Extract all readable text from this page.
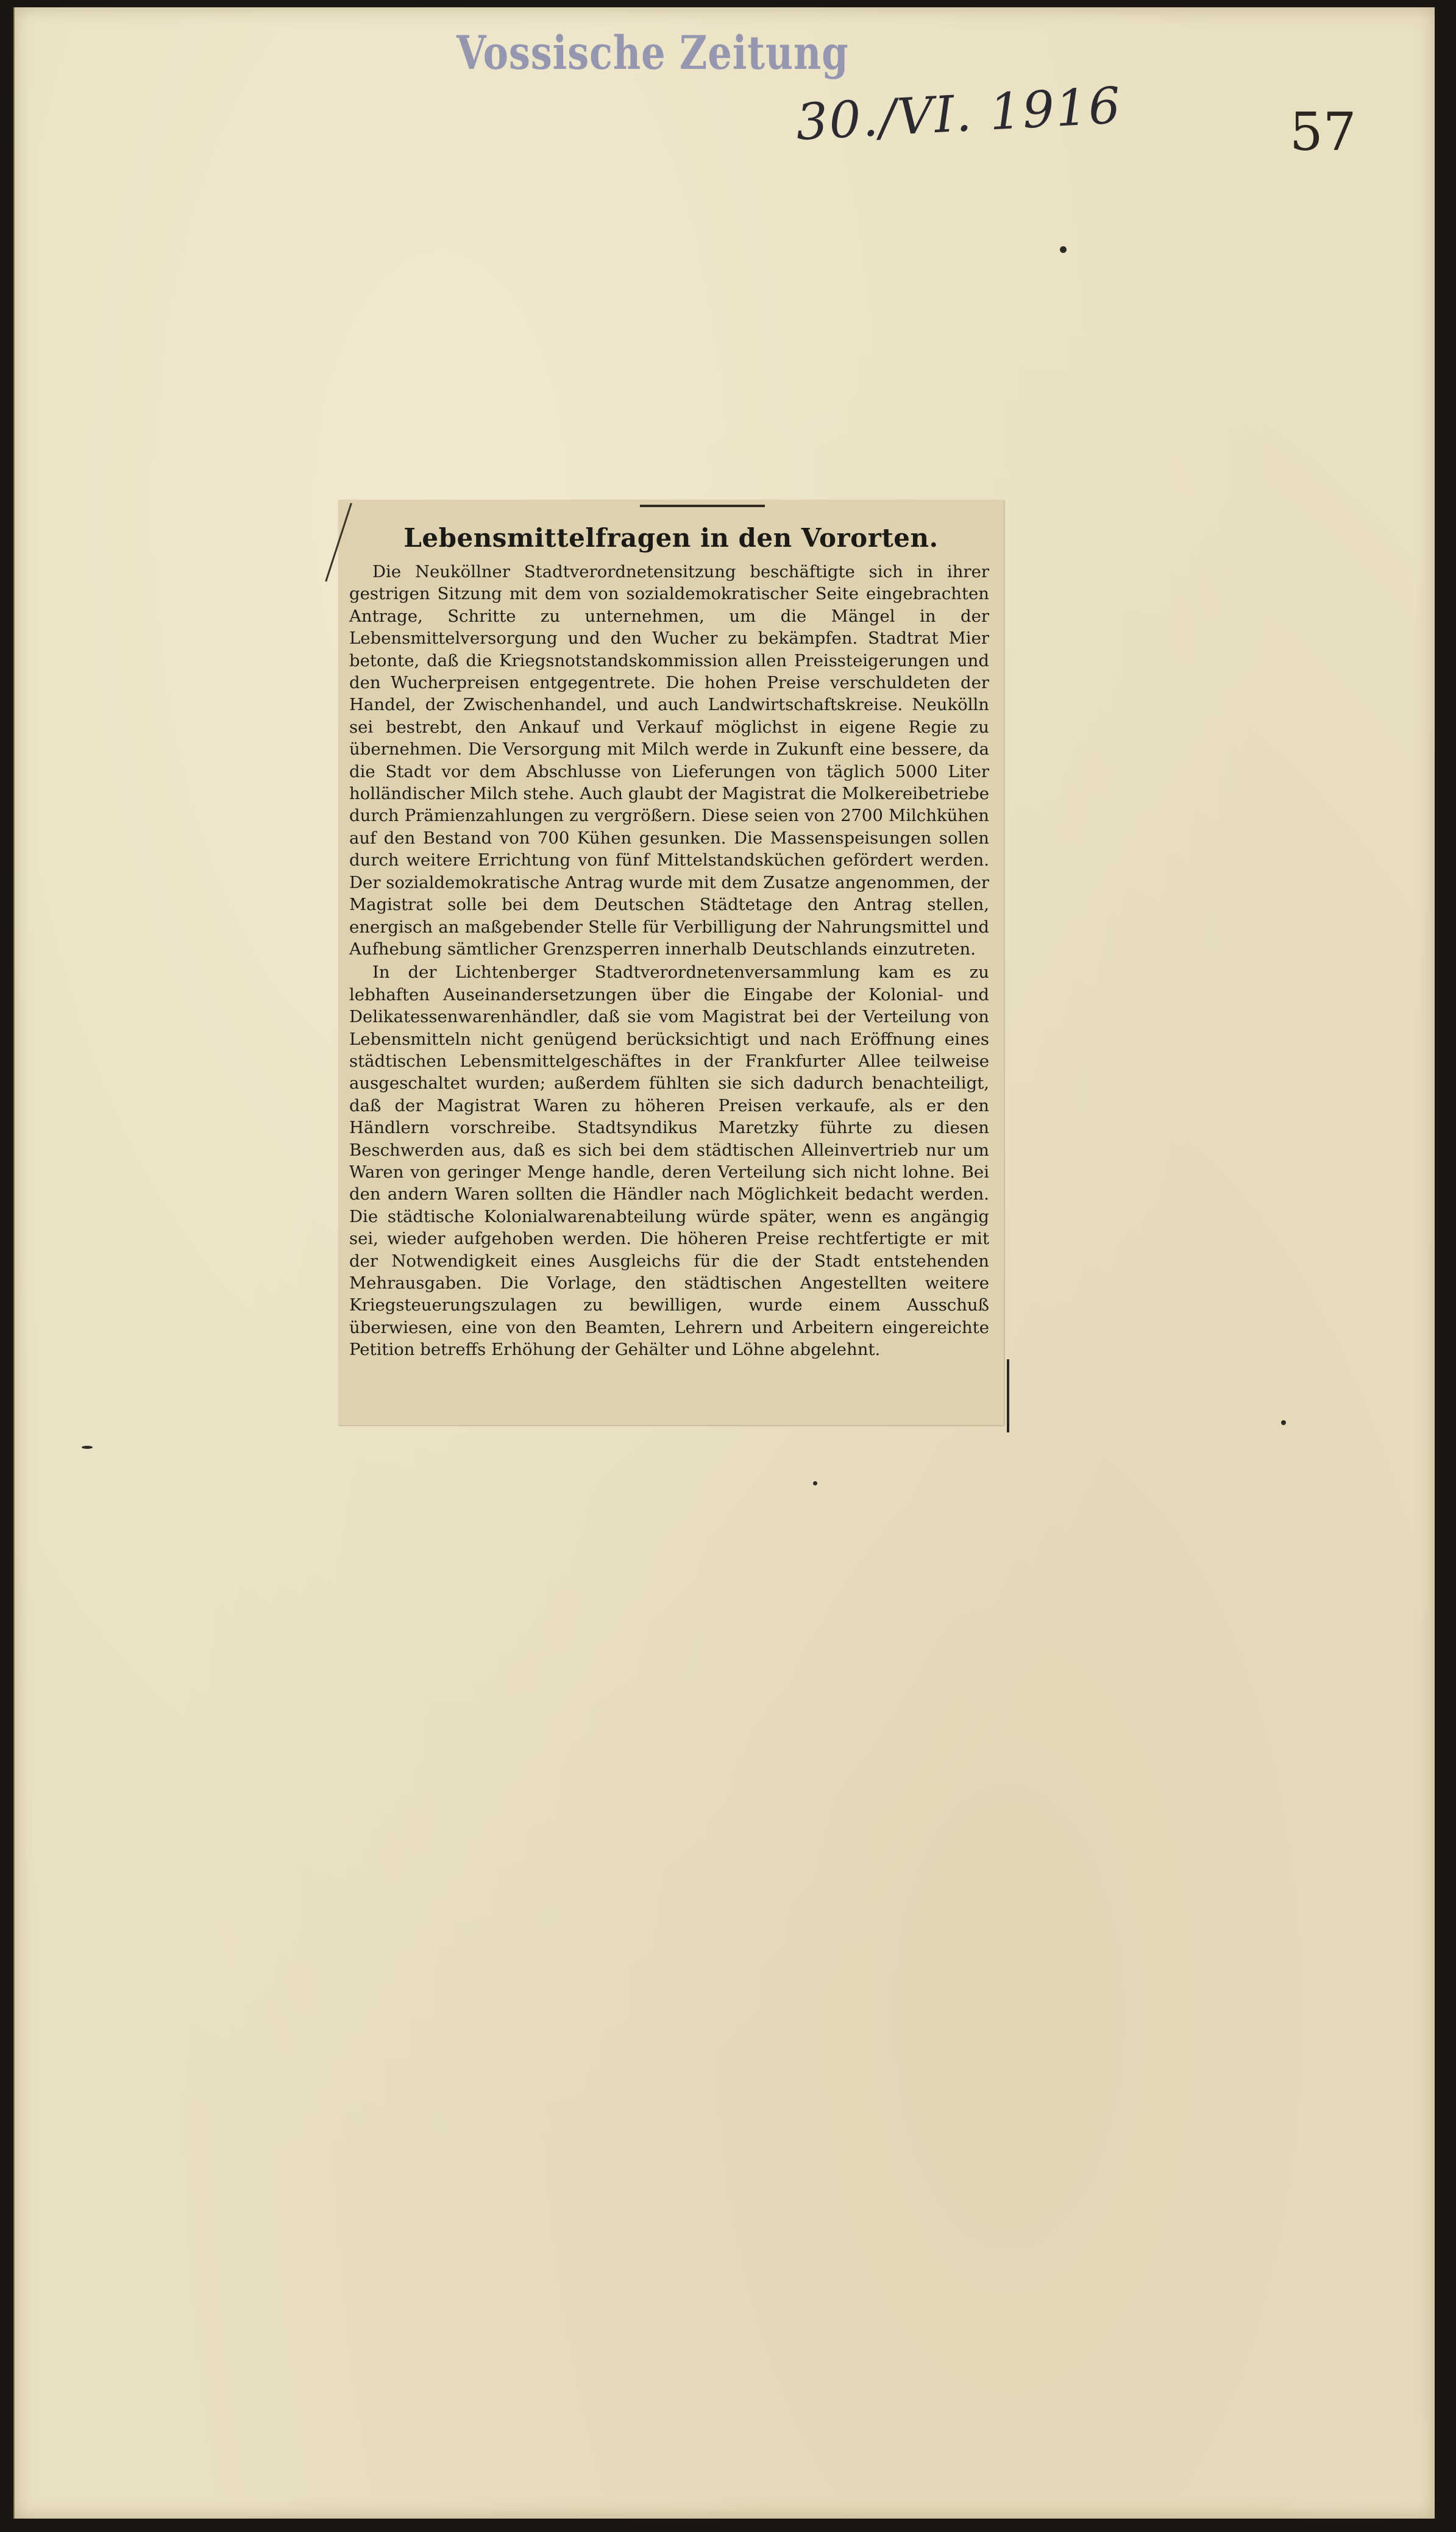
Vossische Zeitung
30./VI. 1916	57
Lebensmittelfragen in den Vororten.

Die Neuköllner Stadtverordnetensitzung beschäftigte sich in ihrer gestrigen Sitzung mit dem von sozialdemokratischer Seite eingebrachten Antrage, Schritte zu unternehmen, um die Mängel in der Lebensmittelversorgung und den Wucher zu bekämpfen. Stadtrat Mier betonte, daß die Kriegsnotstandskommission allen Preissteigerungen und den Wucherpreisen entgegentrete. Die hohen Preise verschuldeten der Handel, der Zwischenhandel, und auch Landwirtschaftskreise. Neukölln sei bestrebt, den Ankauf und Verkauf möglichst in eigene Regie zu übernehmen. Die Versorgung mit Milch werde in Zukunft eine bessere, da die Stadt vor dem Abschlusse von Lieferungen von täglich 5000 Liter holländischer Milch stehe. Auch glaubt der Magistrat die Molkereibetriebe durch Prämienzahlungen zu vergrößern. Diese seien von 2700 Milchkühen auf den Bestand von 700 Kühen gesunken. Die Massenspeisungen sollen durch weitere Errichtung von fünf Mittelstandsküchen gefördert werden. Der sozialdemokratische Antrag wurde mit dem Zusatze angenommen, der Magistrat solle bei dem Deutschen Städtetage den Antrag stellen, energisch an maßgebender Stelle für Verbilligung der Nahrungsmittel und Aufhebung sämtlicher Grenzsperren innerhalb Deutschlands einzutreten.

In der Lichtenberger Stadtverordnetenversammlung kam es zu lebhaften Auseinandersetzungen über die Eingabe der Kolonial- und Delikatessenwarenhändler, daß sie vom Magistrat bei der Verteilung von Lebensmitteln nicht genügend berücksichtigt und nach Eröffnung eines städtischen Lebensmittelgeschäftes in der Frankfurter Allee teilweise ausgeschaltet wurden; außerdem fühlten sie sich dadurch benachteiligt, daß der Magistrat Waren zu höheren Preisen verkaufe, als er den Händlern vorschreibe. Stadtsyndikus Maretzky führte zu diesen Beschwerden aus, daß es sich bei dem städtischen Alleinvertrieb nur um Waren von geringer Menge handle, deren Verteilung sich nicht lohne. Bei den andern Waren sollten die Händler nach Möglichkeit bedacht werden. Die städtische Kolonialwarenabteilung würde später, wenn es angängig sei, wieder aufgehoben werden. Die höheren Preise rechtfertigte er mit der Notwendigkeit eines Ausgleichs für die der Stadt entstehenden Mehrausgaben. Die Vorlage, den städtischen Angestellten weitere Kriegsteuerungszulagen zu bewilligen, wurde einem Ausschuß überwiesen, eine von den Beamten, Lehrern und Arbeitern eingereichte Petition betreffs Erhöhung der Gehälter und Löhne abgelehnt.
